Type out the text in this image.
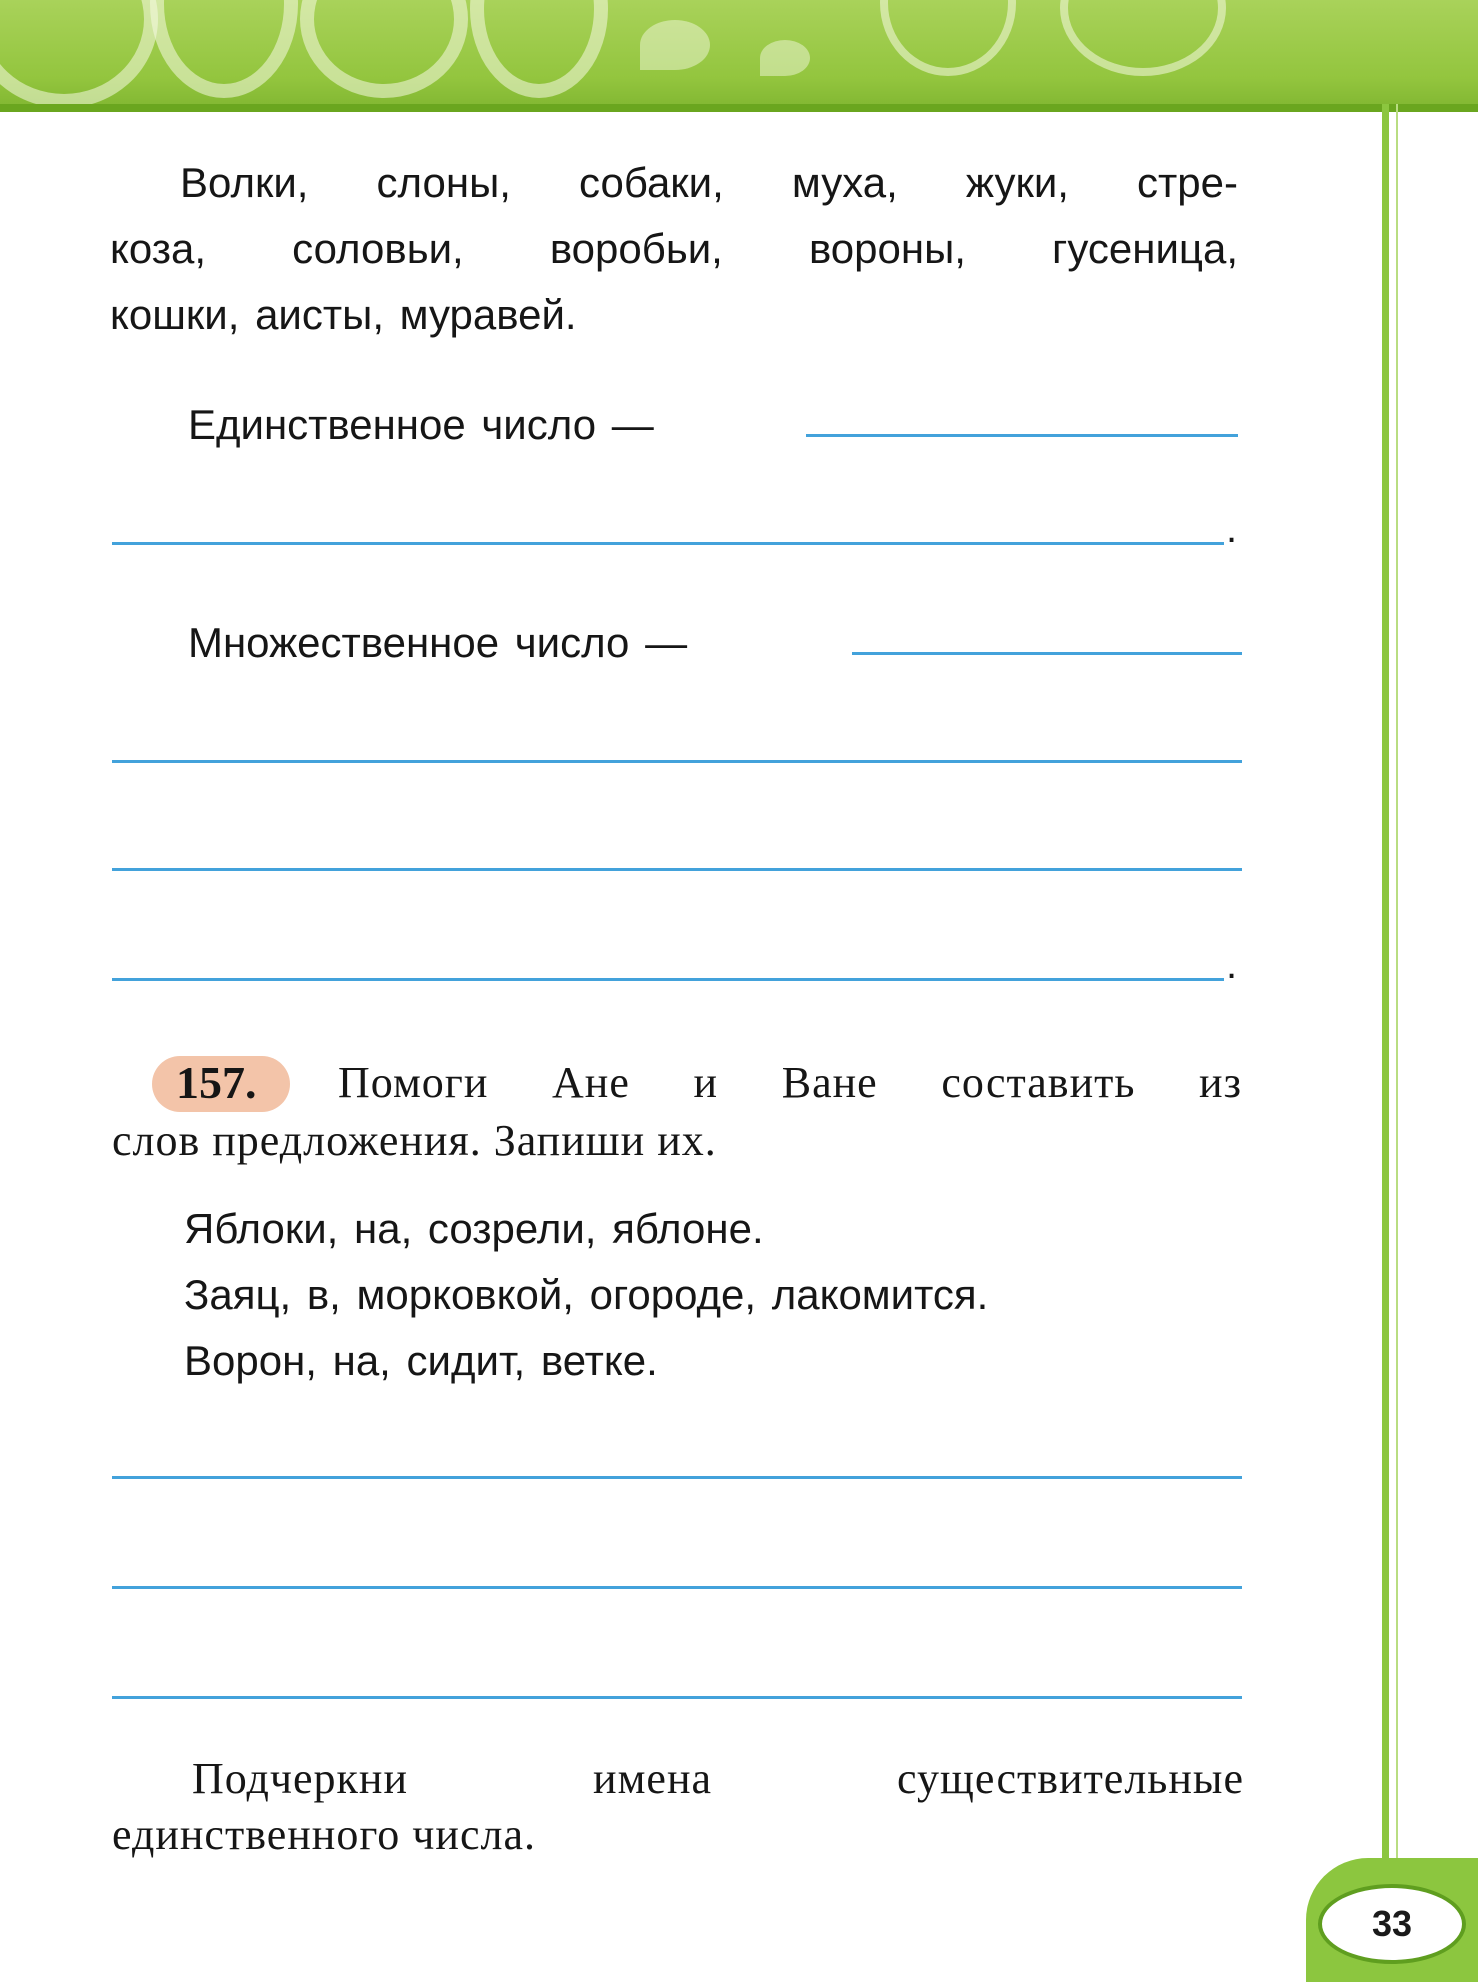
Волки, слоны, собаки, муха, жуки, стре-
коза, соловьи, воробьи, вороны, гусеница,
кошки, аисты, муравей.
Единственное число —
.
Множественное число —
.
157. Помоги Ане и Ване составить из
слов предложения. Запиши их.
Яблоки, на, созрели, яблоне.
Заяц, в, морковкой, огороде, лакомится.
Ворон, на, сидит, ветке.
Подчеркни имена существительные
единственного числа.
33
